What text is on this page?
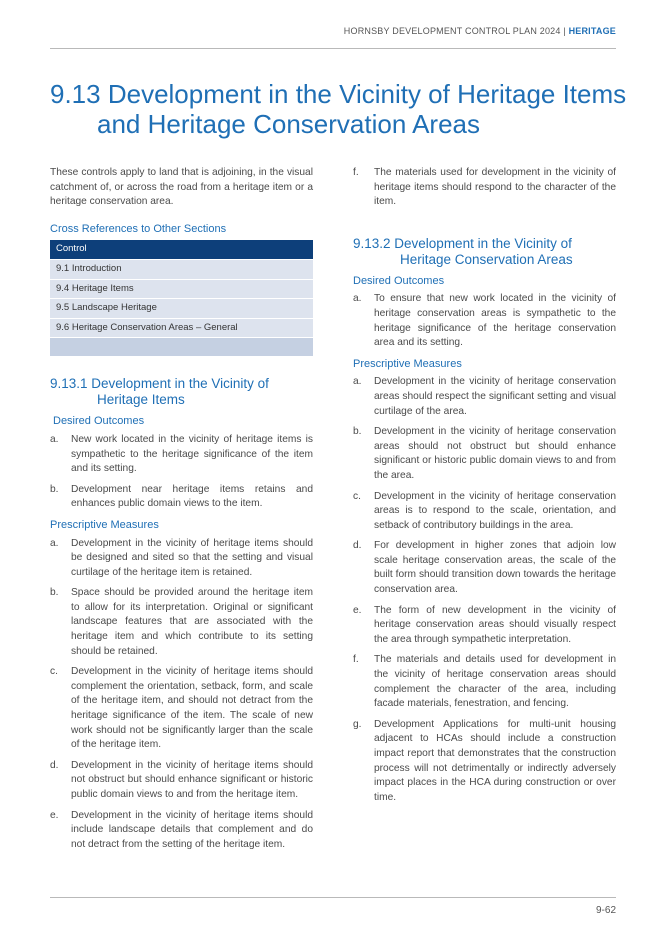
HORNSBY DEVELOPMENT CONTROL PLAN 2024 | HERITAGE
9.13 Development in the Vicinity of Heritage Items
and Heritage Conservation Areas

These controls apply to land that is adjoining, in the visual catchment of, or across the road from a heritage item or a heritage conservation area.

Cross References to Other Sections
Control
9.1 Introduction
9.4 Heritage Items
9.5 Landscape Heritage
9.6 Heritage Conservation Areas – General

9.13.1 Development in the Vicinity of
Heritage Items
Desired Outcomes
a. New work located in the vicinity of heritage items is sympathetic to the heritage significance of the item and its setting.
b. Development near heritage items retains and enhances public domain views to the item.
Prescriptive Measures
a. Development in the vicinity of heritage items should be designed and sited so that the setting and visual curtilage of the heritage item is retained.
b. Space should be provided around the heritage item to allow for its interpretation. Original or significant landscape features that are associated with the heritage item and which contribute to its setting should be retained.
c. Development in the vicinity of heritage items should complement the orientation, setback, form, and scale of the heritage item, and should not detract from the heritage significance of the item. The scale of new work should not be significantly larger than the scale of the heritage item.
d. Development in the vicinity of heritage items should not obstruct but should enhance significant or historic public domain views to and from the heritage item.
e. Development in the vicinity of heritage items should include landscape details that complement and do not detract from the setting of the heritage item.
f. The materials used for development in the vicinity of heritage items should respond to the character of the item.
9.13.2 Development in the Vicinity of
Heritage Conservation Areas
Desired Outcomes
a. To ensure that new work located in the vicinity of heritage conservation areas is sympathetic to the heritage significance of the heritage conservation area and its setting.
Prescriptive Measures
a. Development in the vicinity of heritage conservation areas should respect the significant setting and visual curtilage of the area.
b. Development in the vicinity of heritage conservation areas should not obstruct but should enhance significant or historic public domain views to and from the area.
c. Development in the vicinity of heritage conservation areas is to respond to the scale, orientation, and setback of contributory buildings in the area.
d. For development in higher zones that adjoin low scale heritage conservation areas, the scale of the built form should transition down towards the heritage conservation area.
e. The form of new development in the vicinity of heritage conservation areas should visually respect the area through sympathetic interpretation.
f. The materials and details used for development in the vicinity of heritage conservation areas should complement the character of the area, including facade materials, fenestration, and fencing.
g. Development Applications for multi-unit housing adjacent to HCAs should include a construction impact report that demonstrates that the construction process will not detrimentally or indirectly adversely impact places in the HCA during construction or over time.
9-62
